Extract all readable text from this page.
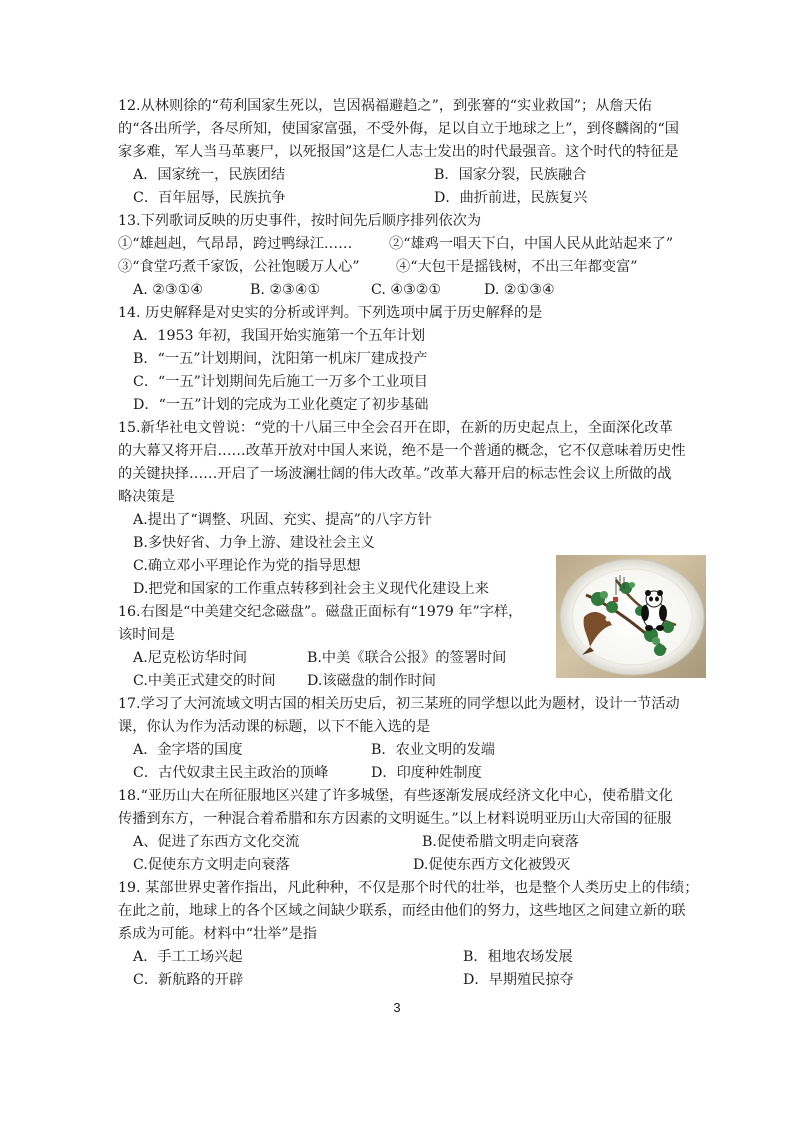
12.从林则徐的“苟利国家生死以，岂因祸福避趋之”，到张謇的“实业救国”；从詹天佑
的“各出所学，各尽所知，使国家富强，不受外侮，足以自立于地球之上”，到佟麟阁的“国
家多难，军人当马革裹尸，以死报国”这是仁人志士发出的时代最强音。这个时代的特征是
A．国家统一，民族团结	B．国家分裂，民族融合
C．百年屈辱，民族抗争	D．曲折前进，民族复兴
13.下列歌词反映的历史事件，按时间先后顺序排列依次为
①“雄赳赳，气昂昂，跨过鸭绿江……	②“雄鸡一唱天下白，中国人民从此站起来了”
③“食堂巧煮千家饭，公社饱暖万人心”	④“大包干是摇钱树，不出三年都变富”
A. ②③①④	B. ②③④①	C. ④③②①	D. ②①③④
14. 历史解释是对史实的分析或评判。下列选项中属于历史解释的是
A．1953 年初，我国开始实施第一个五年计划
B．“一五”计划期间，沈阳第一机床厂建成投产
C．“一五”计划期间先后施工一万多个工业项目
D．“一五”计划的完成为工业化奠定了初步基础
15.新华社电文曾说：“党的十八届三中全会召开在即，在新的历史起点上，全面深化改革
的大幕又将开启……改革开放对中国人来说，绝不是一个普通的概念，它不仅意味着历史性
的关键抉择……开启了一场波澜壮阔的伟大改革。”改革大幕开启的标志性会议上所做的战
略决策是
A.提出了“调整、巩固、充实、提高”的八字方针
B.多快好省、力争上游、建设社会主义
C.确立邓小平理论作为党的指导思想
D.把党和国家的工作重点转移到社会主义现代化建设上来
16.右图是“中美建交纪念磁盘”。磁盘正面标有“1979 年”字样，
该时间是
A.尼克松访华时间	B.中美《联合公报》的签署时间
C.中美正式建交的时间 D.该磁盘的制作时间
17.学习了大河流域文明古国的相关历史后，初三某班的同学想以此为题材，设计一节活动
课，你认为作为活动课的标题，以下不能入选的是
A．金字塔的国度	B．农业文明的发端
C．古代奴隶主民主政治的顶峰	D．印度种姓制度
18.“亚历山大在所征服地区兴建了许多城堡，有些逐渐发展成经济文化中心，使希腊文化
传播到东方，一种混合着希腊和东方因素的文明诞生。”以上材料说明亚历山大帝国的征服
A、促进了东西方文化交流	B.促使希腊文明走向衰落
C.促使东方文明走向衰落	D.促使东西方文化被毁灭
19. 某部世界史著作指出，凡此种种，不仅是那个时代的壮举，也是整个人类历史上的伟绩；
在此之前，地球上的各个区域之间缺少联系，而经由他们的努力，这些地区之间建立新的联
系成为可能。材料中“壮举”是指
A．手工工场兴起	B．租地农场发展
C．新航路的开辟	D．早期殖民掠夺
3
